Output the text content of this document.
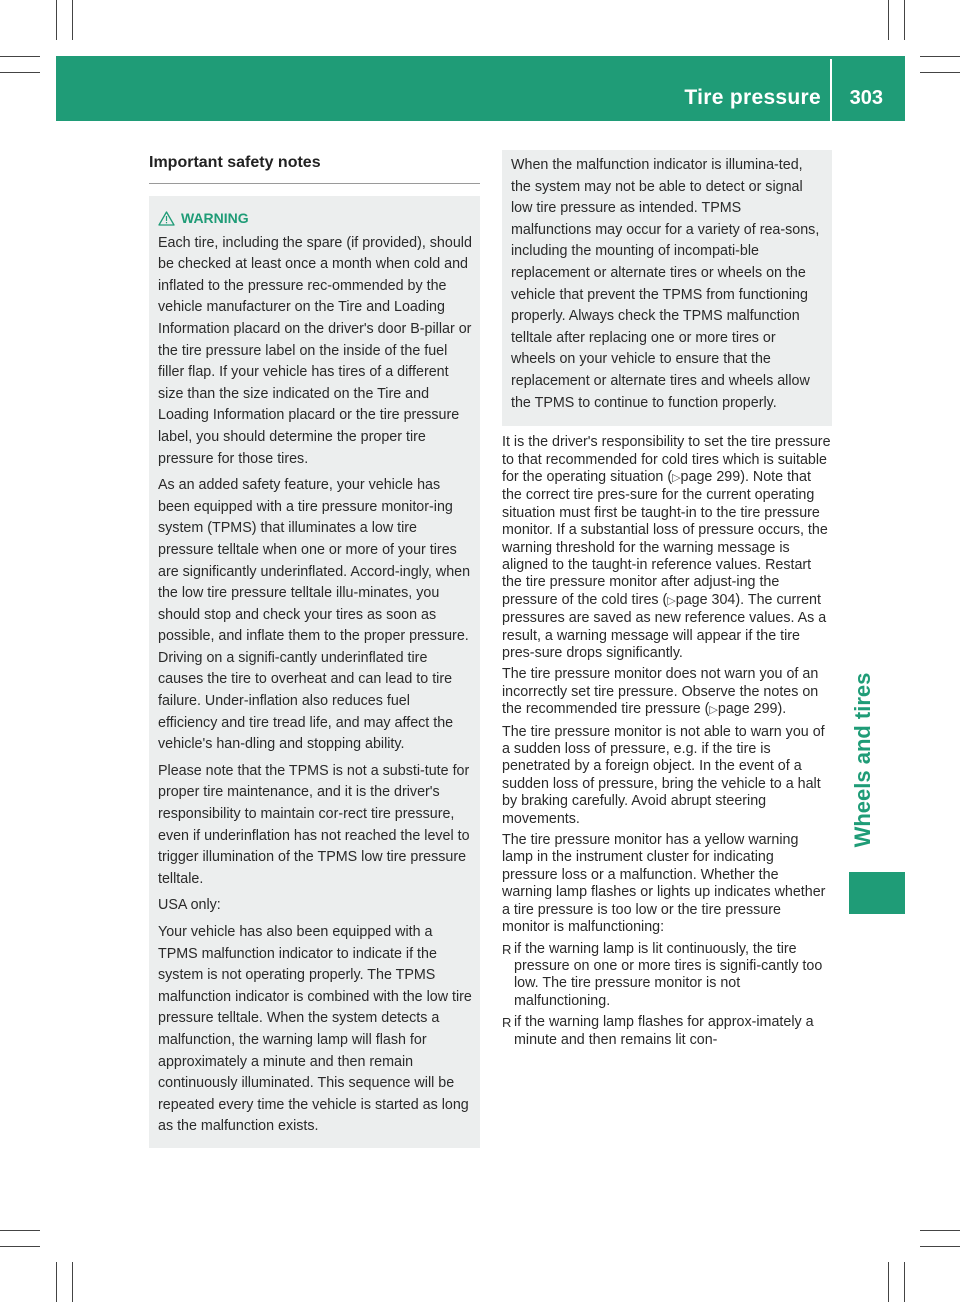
Tire pressure 303
Wheels and tires
Important safety notes
WARNING

Each tire, including the spare (if provided), should be checked at least once a month when cold and inflated to the pressure rec-ommended by the vehicle manufacturer on the Tire and Loading Information placard on the driver's door B-pillar or the tire pressure label on the inside of the fuel filler flap. If your vehicle has tires of a different size than the size indicated on the Tire and Loading Information placard or the tire pressure label, you should determine the proper tire pressure for those tires.

As an added safety feature, your vehicle has been equipped with a tire pressure monitor-ing system (TPMS) that illuminates a low tire pressure telltale when one or more of your tires are significantly underinflated. Accord-ingly, when the low tire pressure telltale illu-minates, you should stop and check your tires as soon as possible, and inflate them to the proper pressure. Driving on a signifi-cantly underinflated tire causes the tire to overheat and can lead to tire failure. Under-inflation also reduces fuel efficiency and tire tread life, and may affect the vehicle's han-dling and stopping ability.

Please note that the TPMS is not a substi-tute for proper tire maintenance, and it is the driver's responsibility to maintain cor-rect tire pressure, even if underinflation has not reached the level to trigger illumination of the TPMS low tire pressure telltale.

USA only:

Your vehicle has also been equipped with a TPMS malfunction indicator to indicate if the system is not operating properly. The TPMS malfunction indicator is combined with the low tire pressure telltale. When the system detects a malfunction, the warning lamp will flash for approximately a minute and then remain continuously illuminated. This sequence will be repeated every time the vehicle is started as long as the malfunction exists.

When the malfunction indicator is illumina-ted, the system may not be able to detect or signal low tire pressure as intended. TPMS malfunctions may occur for a variety of rea-sons, including the mounting of incompati-ble replacement or alternate tires or wheels on the vehicle that prevent the TPMS from functioning properly. Always check the TPMS malfunction telltale after replacing one or more tires or wheels on your vehicle to ensure that the replacement or alternate tires and wheels allow the TPMS to continue to function properly.

It is the driver's responsibility to set the tire pressure to that recommended for cold tires which is suitable for the operating situation (▷page 299). Note that the correct tire pres-sure for the current operating situation must first be taught-in to the tire pressure monitor. If a substantial loss of pressure occurs, the warning threshold for the warning message is aligned to the taught-in reference values. Restart the tire pressure monitor after adjust-ing the pressure of the cold tires (▷page 304). The current pressures are saved as new reference values. As a result, a warning message will appear if the tire pres-sure drops significantly.

The tire pressure monitor does not warn you of an incorrectly set tire pressure. Observe the notes on the recommended tire pressure (▷page 299).

The tire pressure monitor is not able to warn you of a sudden loss of pressure, e.g. if the tire is penetrated by a foreign object. In the event of a sudden loss of pressure, bring the vehicle to a halt by braking carefully. Avoid abrupt steering movements.

The tire pressure monitor has a yellow warning lamp in the instrument cluster for indicating pressure loss or a malfunction. Whether the warning lamp flashes or lights up indicates whether a tire pressure is too low or the tire pressure monitor is malfunctioning:

R if the warning lamp is lit continuously, the tire pressure on one or more tires is signifi-cantly too low. The tire pressure monitor is not malfunctioning.
R if the warning lamp flashes for approx-imately a minute and then remains lit con-
